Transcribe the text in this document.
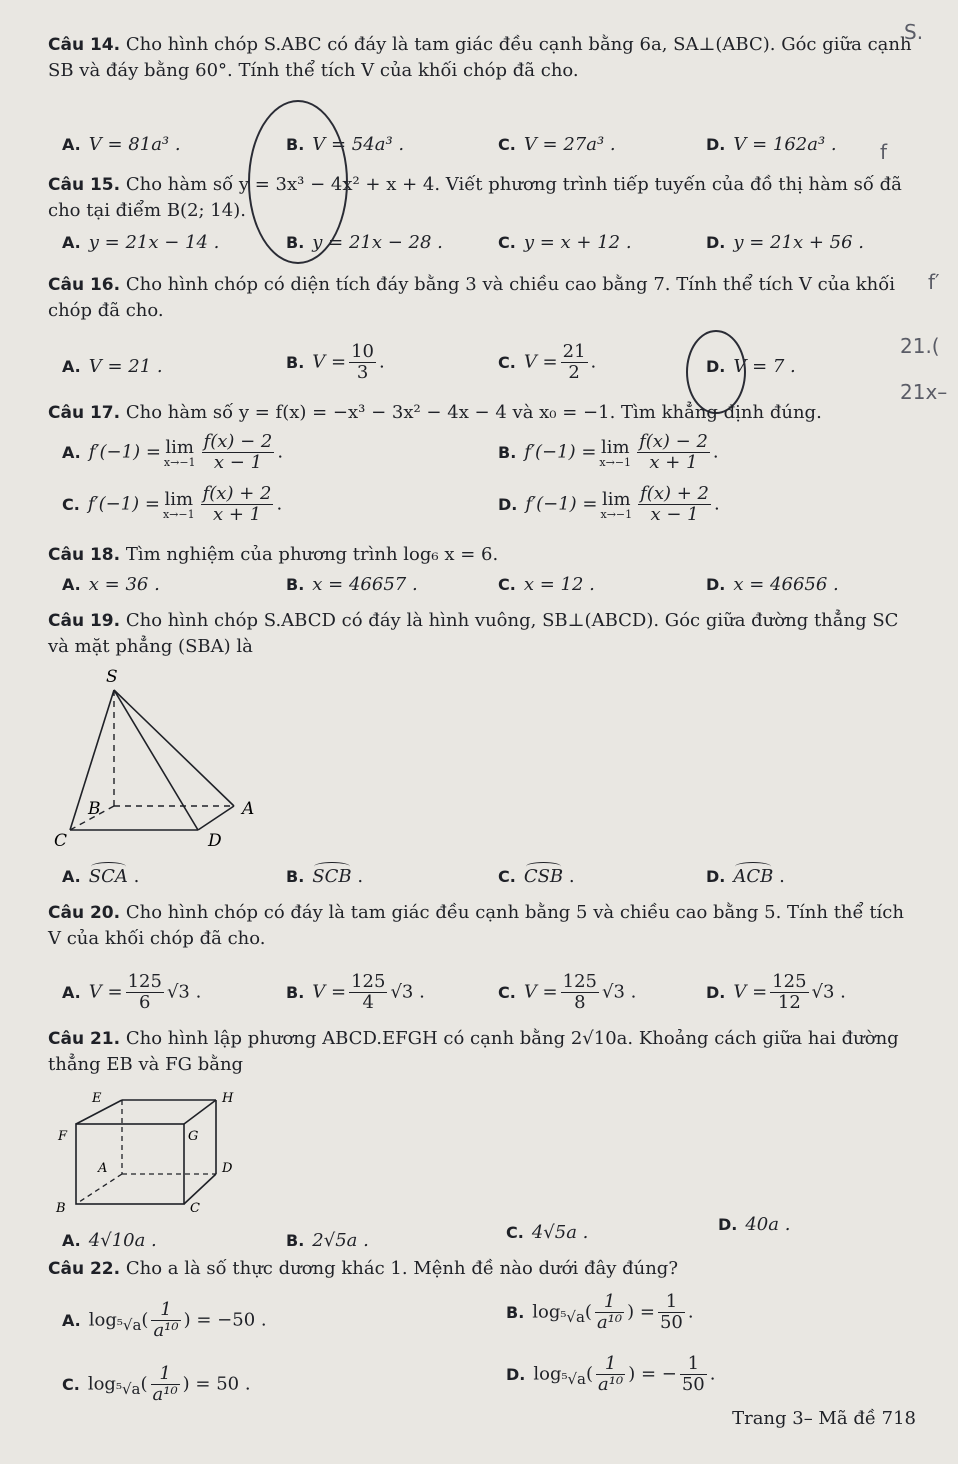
Câu 14. Cho hình chóp S.ABC có đáy là tam giác đều cạnh bằng 6a, SA⊥(ABC). Góc giữa cạnh SB và đáy bằng 60°. Tính thể tích V của khối chóp đã cho.
A. V = 81a³ .	B. V = 54a³ .	C. V = 27a³ .	D. V = 162a³ .
Câu 15. Cho hàm số y = 3x³ − 4x² + x + 4. Viết phương trình tiếp tuyến của đồ thị hàm số đã cho tại điểm B(2; 14).
A. y = 21x − 14 .	B. y = 21x − 28 .	C. y = x + 12 .	D. y = 21x + 56 .
Câu 16. Cho hình chóp có diện tích đáy bằng 3 và chiều cao bằng 7. Tính thể tích V của khối chóp đã cho.
A. V = 21 .	B. $V = \frac{10}{3}$ .	C. $V = \frac{21}{2}$ .	D. V = 7 .
Câu 17. Cho hàm số y = f(x) = −x³ − 3x² − 4x − 4 và x₀ = −1. Tìm khẳng định đúng.
A. f′(−1) = lim
$x\to-1 \frac{f(x) - 2}{x - 1}$ .	B. f′(−1) = lim
$x\to-1 \frac{f(x) - 2}{x + 1}$ .
C. f′(−1) = lim
$x\to-1 \frac{f(x) + 2}{x + 1}$ .	D. f′(−1) = lim
$x\to-1 \frac{f(x) + 2}{x - 1}$ .
Câu 18. Tìm nghiệm của phương trình log₆ x = 6.
A. x = 36 .	B. x = 46657 .	C. x = 12 .	D. x = 46656 .
Câu 19. Cho hình chóp S.ABCD có đáy là hình vuông, SB⊥(ABCD). Góc giữa đường thẳng SC và mặt phẳng (SBA) là
S
B	A
C	D
A. SCA .	B. SCB .	C. CSB .	D. ACB .
Câu 20. Cho hình chóp có đáy là tam giác đều cạnh bằng 5 và chiều cao bằng 5. Tính thể tích V của khối chóp đã cho.
A. $V = \frac{125}{6} √3$ .	B. $V = \frac{125}{4} √3$ .	C. $V = \frac{125}{8} √3$ .	D. $V = \frac{125}{12} √3$ .
Câu 21. Cho hình lập phương ABCD.EFGH có cạnh bằng 2√10a. Khoảng cách giữa hai đường thẳng EB và FG bằng
E	H
F	G
A	D
B	C
A. 4√10a .	B. 2√5a .	C. 4√5a .	D. 40a .
Câu 22. Cho a là số thực dương khác 1. Mệnh đề nào dưới đây đúng?
A. $\log_{^5√a}( \frac{1}{\text{a¹⁰}}$ ) = −50 .	B. $\log_{^5√a}( \frac{1}{\text{a¹⁰}}$ ) = $\frac{1}{50}$ .
C. $\log_{^5√a}( \frac{1}{\text{a¹⁰}}$ ) = 50 .	D. $\log_{^5√a}( \frac{1}{\text{a¹⁰}}$ ) = − $\frac{1}{50}$ .
21.(
21x–
f
f′
S.
Trang 3– Mã đề 718
